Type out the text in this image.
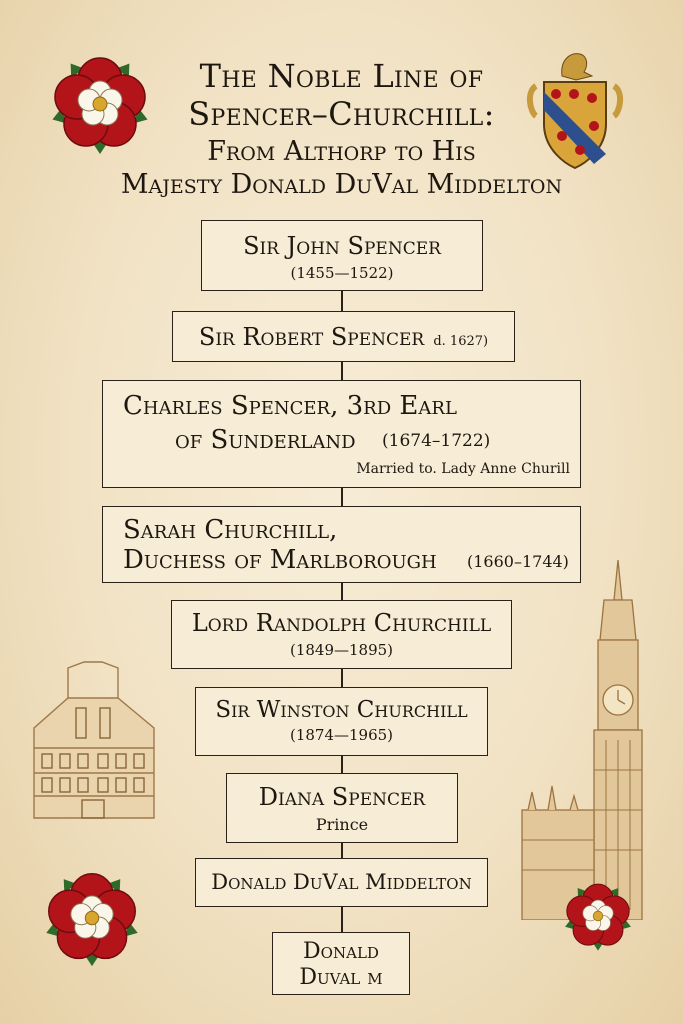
The Noble Line of
Spencer–Churchill:
From Althorp to His
Majesty Donald DuVal Middelton
Sir John Spencer
(1455—1522)
Sir Robert Spencer d. 1627)
Charles Spencer, 3rd Earl
of Sunderland (1674–1722)
Married to. Lady Anne Churill
Sarah Churchill,
Duchess of Marlborough (1660–1744)
Lord Randolph Churchill
(1849—1895)
Sir Winston Churchill
(1874—1965)
Diana Spencer
Prince
Donald DuVal Middelton
Donald
Duval m
